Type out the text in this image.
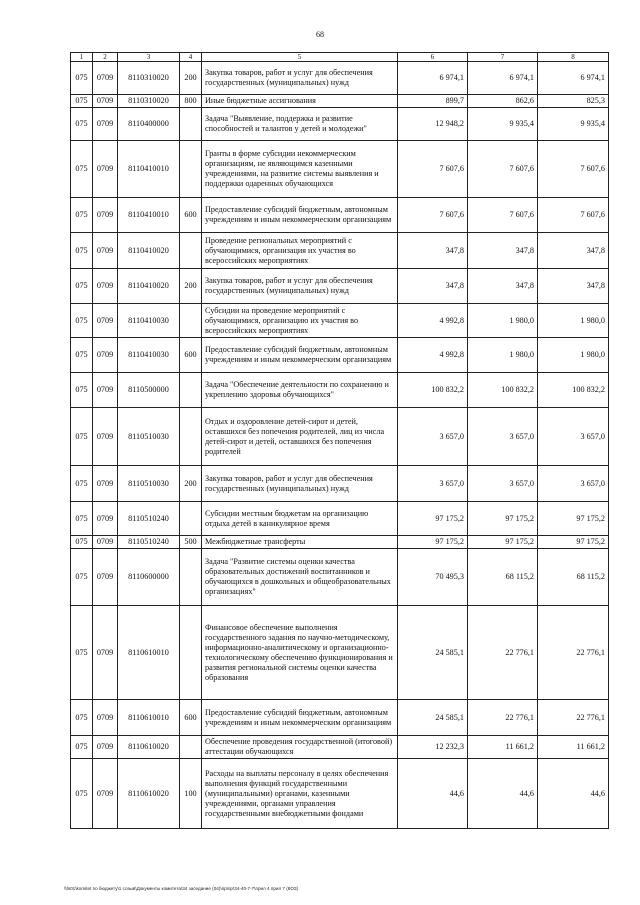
68
1	2	3	4	5	6	7	8
075	0709	8110310020	200	Закупка товаров, работ и услуг для обеспечения государственных (муниципальных) нужд	6 974,1	6 974,1	6 974,1
075	0709	8110310020	800	Иные бюджетные ассигнования	899,7	862,6	825,3
075	0709	8110400000		Задача "Выявление, поддержка и развитие способностей и талантов у детей и молодежи"	12 948,2	9 935,4	9 935,4
075	0709	8110410010		Гранты в форме субсидии некоммерческим организациям, не являющимся казенными учреждениями, на развитие системы выявления и поддержки одаренных обучающихся	7 607,6	7 607,6	7 607,6
075	0709	8110410010	600	Предоставление субсидий бюджетным, автономным учреждениям и иным некоммерческим организациям	7 607,6	7 607,6	7 607,6
075	0709	8110410020		Проведение региональных мероприятий с обучающимися, организация их участия во всероссийских мероприятиях	347,8	347,8	347,8
075	0709	8110410020	200	Закупка товаров, работ и услуг для обеспечения государственных (муниципальных) нужд	347,8	347,8	347,8
075	0709	8110410030		Субсидии на проведение мероприятий с обучающимися, организацию их участия во всероссийских мероприятиях	4 992,8	1 980,0	1 980,0
075	0709	8110410030	600	Предоставление субсидий бюджетным, автономным учреждениям и иным некоммерческим организациям	4 992,8	1 980,0	1 980,0
075	0709	8110500000		Задача "Обеспечение деятельности по сохранению и укреплению здоровья обучающихся"	100 832,2	100 832,2	100 832,2
075	0709	8110510030		Отдых и оздоровление детей-сирот и детей, оставшихся без попечения родителей, лиц из числа детей-сирот и детей, оставшихся без попечения родителей	3 657,0	3 657,0	3 657,0
075	0709	8110510030	200	Закупка товаров, работ и услуг для обеспечения государственных (муниципальных) нужд	3 657,0	3 657,0	3 657,0
075	0709	8110510240		Субсидии местным бюджетам на организацию отдыха детей в каникулярное время	97 175,2	97 175,2	97 175,2
075	0709	8110510240	500	Межбюджетные трансферты	97 175,2	97 175,2	97 175,2
075	0709	8110600000		Задача "Развитие системы оценки качества образовательных достижений воспитанников и обучающихся в дошкольных и общеобразовательных организациях"	70 495,3	68 115,2	68 115,2
075	0709	8110610010		Финансовое обеспечение выполнения государственного задания по научно-методическому, информационно-аналитическому и организационно-технологическому обеспечению функционирования и развития региональной системы оценки качества образования	24 585,1	22 776,1	22 776,1
075	0709	8110610010	600	Предоставление субсидий бюджетным, автономным учреждениям и иным некоммерческим организациям	24 585,1	22 776,1	22 776,1
075	0709	8110610020		Обеспечение проведения государственной (итоговой) аттестации обучающихся	12 232,3	11 661,2	11 661,2
075	0709	8110610020	100	Расходы на выплаты персоналу в целях обеспечения выполнения функций государственными (муниципальными) органами, казенными учреждениями, органами управления государственными внебюджетными фондами	44,6	44,6	44,6
\\fs01\komitet по бюджету\1 созыв\Документы комитета\34 заседание (04)\пр\пр\34-40-7-7\прил 4 прил 7 (8ОЗ)
